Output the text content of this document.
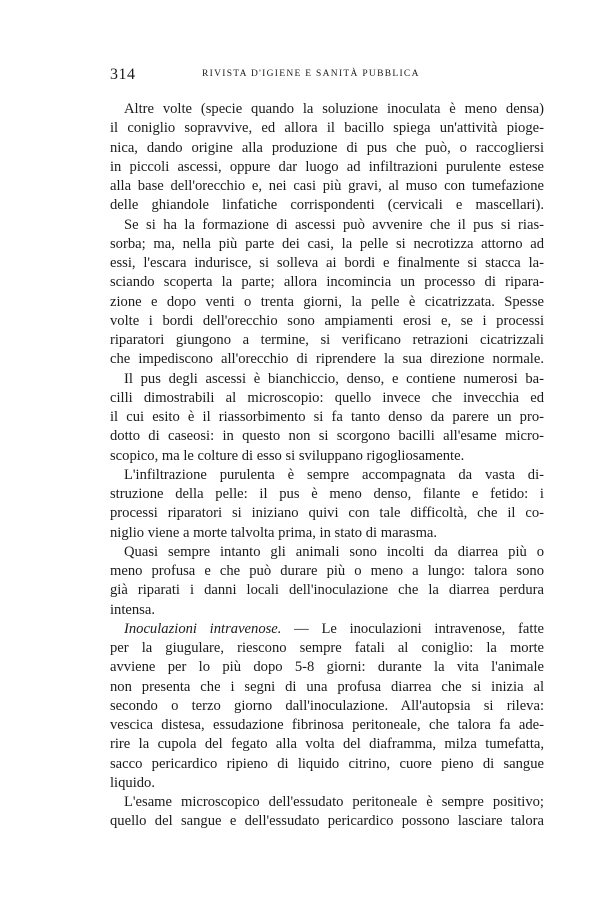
314	RIVISTA D'IGIENE E SANITÀ PUBBLICA
Altre volte (specie quando la soluzione inoculata è meno densa)
il coniglio sopravvive, ed allora il bacillo spiega un'attività pioge-
nica, dando origine alla produzione di pus che può, o raccogliersi
in piccoli ascessi, oppure dar luogo ad infiltrazioni purulente estese
alla base dell'orecchio e, nei casi più gravi, al muso con tumefazione
delle ghiandole linfatiche corrispondenti (cervicali e mascellari).
Se si ha la formazione di ascessi può avvenire che il pus si rias-
sorba; ma, nella più parte dei casi, la pelle si necrotizza attorno ad
essi, l'escara indurisce, si solleva ai bordi e finalmente si stacca la-
sciando scoperta la parte; allora incomincia un processo di ripara-
zione e dopo venti o trenta giorni, la pelle è cicatrizzata. Spesse
volte i bordi dell'orecchio sono ampiamenti erosi e, se i processi
riparatori giungono a termine, si verificano retrazioni cicatrizzali
che impediscono all'orecchio di riprendere la sua direzione normale.
Il pus degli ascessi è bianchiccio, denso, e contiene numerosi ba-
cilli dimostrabili al microscopio: quello invece che invecchia ed
il cui esito è il riassorbimento si fa tanto denso da parere un pro-
dotto di caseosi: in questo non si scorgono bacilli all'esame micro-
scopico, ma le colture di esso si sviluppano rigogliosamente.
L'infiltrazione purulenta è sempre accompagnata da vasta di-
struzione della pelle: il pus è meno denso, filante e fetido: i
processi riparatori si iniziano quivi con tale difficoltà, che il co-
niglio viene a morte talvolta prima, in stato di marasma.
Quasi sempre intanto gli animali sono incolti da diarrea più o
meno profusa e che può durare più o meno a lungo: talora sono
già riparati i danni locali dell'inoculazione che la diarrea perdura
intensa.
Inoculazioni intravenose. — Le inoculazioni intravenose, fatte
per la giugulare, riescono sempre fatali al coniglio: la morte
avviene per lo più dopo 5-8 giorni: durante la vita l'animale
non presenta che i segni di una profusa diarrea che si inizia al
secondo o terzo giorno dall'inoculazione. All'autopsia si rileva:
vescica distesa, essudazione fibrinosa peritoneale, che talora fa ade-
rire la cupola del fegato alla volta del diaframma, milza tumefatta,
sacco pericardico ripieno di liquido citrino, cuore pieno di sangue
liquido.
L'esame microscopico dell'essudato peritoneale è sempre positivo;
quello del sangue e dell'essudato pericardico possono lasciare talora
